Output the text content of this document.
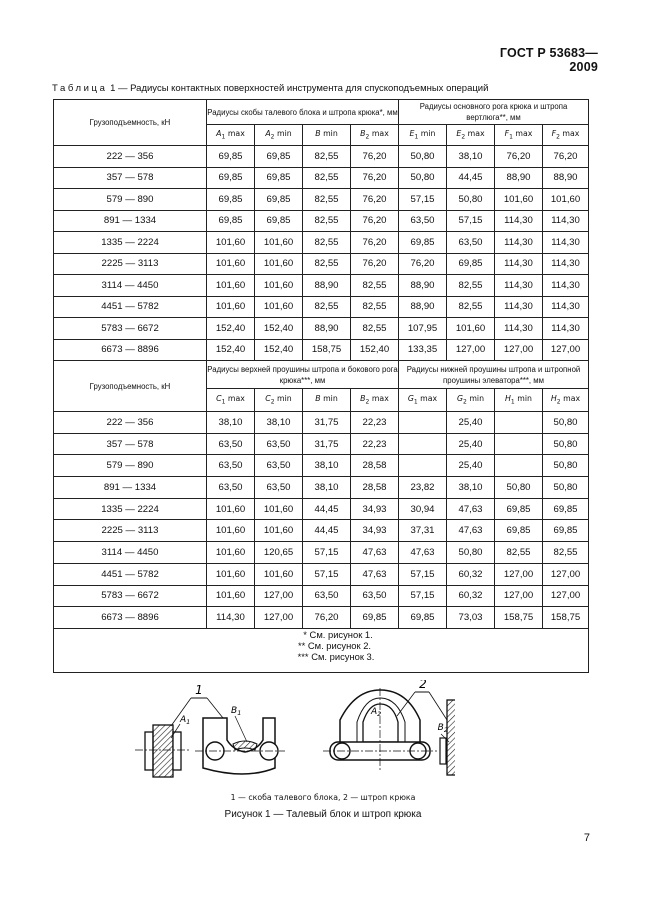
ГОСТ Р 53683—2009
Таблица 1 — Радиусы контактных поверхностей инструмента для спускоподъемных операций
Грузоподъемность, кН	Радиусы скобы талевого блока и штропа крюка*, мм				Радиусы основного рога крюка и штропа вертлюга**, мм			
	$A_1$ max	$A_2$ min	B min	$B_2$ max	$E_1$ min	$E_2$ max	$F_1$ max	$F_2$ max
222 — 356	69,85	69,85	82,55	76,20	50,80	38,10	76,20	76,20
357 — 578	69,85	69,85	82,55	76,20	50,80	44,45	88,90	88,90
579 — 890	69,85	69,85	82,55	76,20	57,15	50,80	101,60	101,60
891 — 1334	69,85	69,85	82,55	76,20	63,50	57,15	114,30	114,30
1335 — 2224	101,60	101,60	82,55	76,20	69,85	63,50	114,30	114,30
2225 — 3113	101,60	101,60	82,55	76,20	76,20	69,85	114,30	114,30
3114 — 4450	101,60	101,60	88,90	82,55	88,90	82,55	114,30	114,30
4451 — 5782	101,60	101,60	82,55	82,55	88,90	82,55	114,30	114,30
5783 — 6672	152,40	152,40	88,90	82,55	107,95	101,60	114,30	114,30
6673 — 8896	152,40	152,40	158,75	152,40	133,35	127,00	127,00	127,00
Грузоподъемность, кН	Радиусы верхней проушины штропа и бокового рога крюка***, мм				Радиусы нижней проушины штропа и штропной проушины элеватора***, мм			
	$C_1$ max	$C_2$ min	B min	$B_2$ max	$G_1$ max	$G_2$ min	$H_1$ min	$H_2$ max
222 — 356	38,10	38,10	31,75	22,23		25,40		50,80
357 — 578	63,50	63,50	31,75	22,23		25,40		50,80
579 — 890	63,50	63,50	38,10	28,58		25,40		50,80
891 — 1334	63,50	63,50	38,10	28,58	23,82	38,10	50,80	50,80
1335 — 2224	101,60	101,60	44,45	34,93	30,94	47,63	69,85	69,85
2225 — 3113	101,60	101,60	44,45	34,93	37,31	47,63	69,85	69,85
3114 — 4450	101,60	120,65	57,15	47,63	47,63	50,80	82,55	82,55
4451 — 5782	101,60	101,60	57,15	47,63	57,15	60,32	127,00	127,00
5783 — 6672	101,60	127,00	63,50	63,50	57,15	60,32	127,00	127,00
6673 — 8896	114,30	127,00	76,20	69,85	69,85	73,03	158,75	158,75

* См. рисунок 1.
** См. рисунок 2.
*** См. рисунок 3.								
1
$A_1$
$B_1$
2
$A_2$
$B_2$
1 — скоба талевого блока, 2 — штроп крюка
Рисунок 1 — Талевый блок и штроп крюка
7
